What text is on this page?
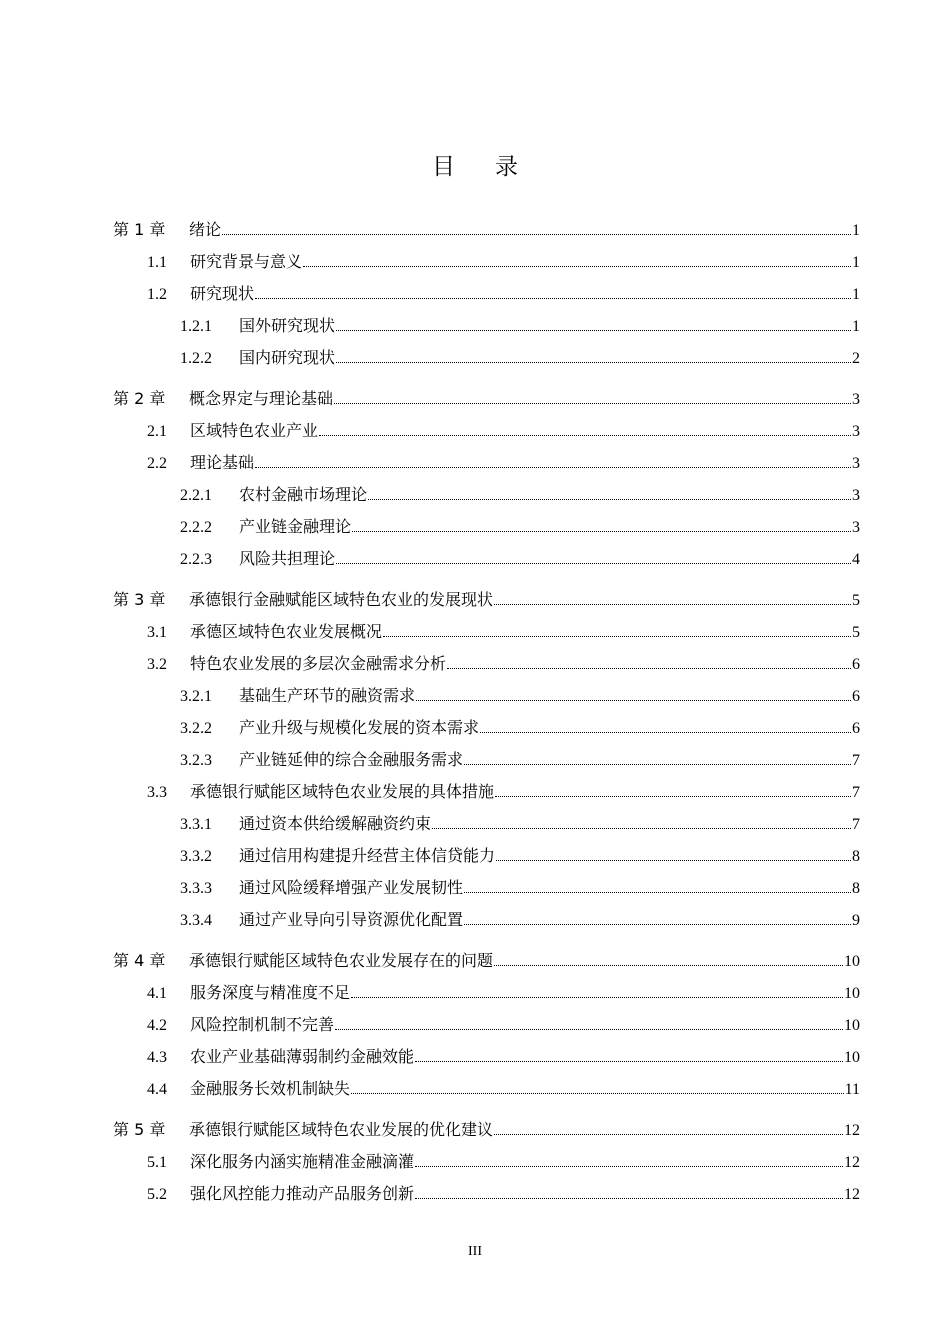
目录
第 1 章	绪论	1
1.1	研究背景与意义	1
1.2	研究现状	1
1.2.1	国外研究现状	1
1.2.2	国内研究现状	2
第 2 章	概念界定与理论基础	3
2.1	区域特色农业产业	3
2.2	理论基础	3
2.2.1	农村金融市场理论	3
2.2.2	产业链金融理论	3
2.2.3	风险共担理论	4
第 3 章	承德银行金融赋能区域特色农业的发展现状	5
3.1	承德区域特色农业发展概况	5
3.2	特色农业发展的多层次金融需求分析	6
3.2.1	基础生产环节的融资需求	6
3.2.2	产业升级与规模化发展的资本需求	6
3.2.3	产业链延伸的综合金融服务需求	7
3.3	承德银行赋能区域特色农业发展的具体措施	7
3.3.1	通过资本供给缓解融资约束	7
3.3.2	通过信用构建提升经营主体信贷能力	8
3.3.3	通过风险缓释增强产业发展韧性	8
3.3.4	通过产业导向引导资源优化配置	9
第 4 章	承德银行赋能区域特色农业发展存在的问题	10
4.1	服务深度与精准度不足	10
4.2	风险控制机制不完善	10
4.3	农业产业基础薄弱制约金融效能	10
4.4	金融服务长效机制缺失	11
第 5 章	承德银行赋能区域特色农业发展的优化建议	12
5.1	深化服务内涵实施精准金融滴灌	12
5.2	强化风控能力推动产品服务创新	12
III
